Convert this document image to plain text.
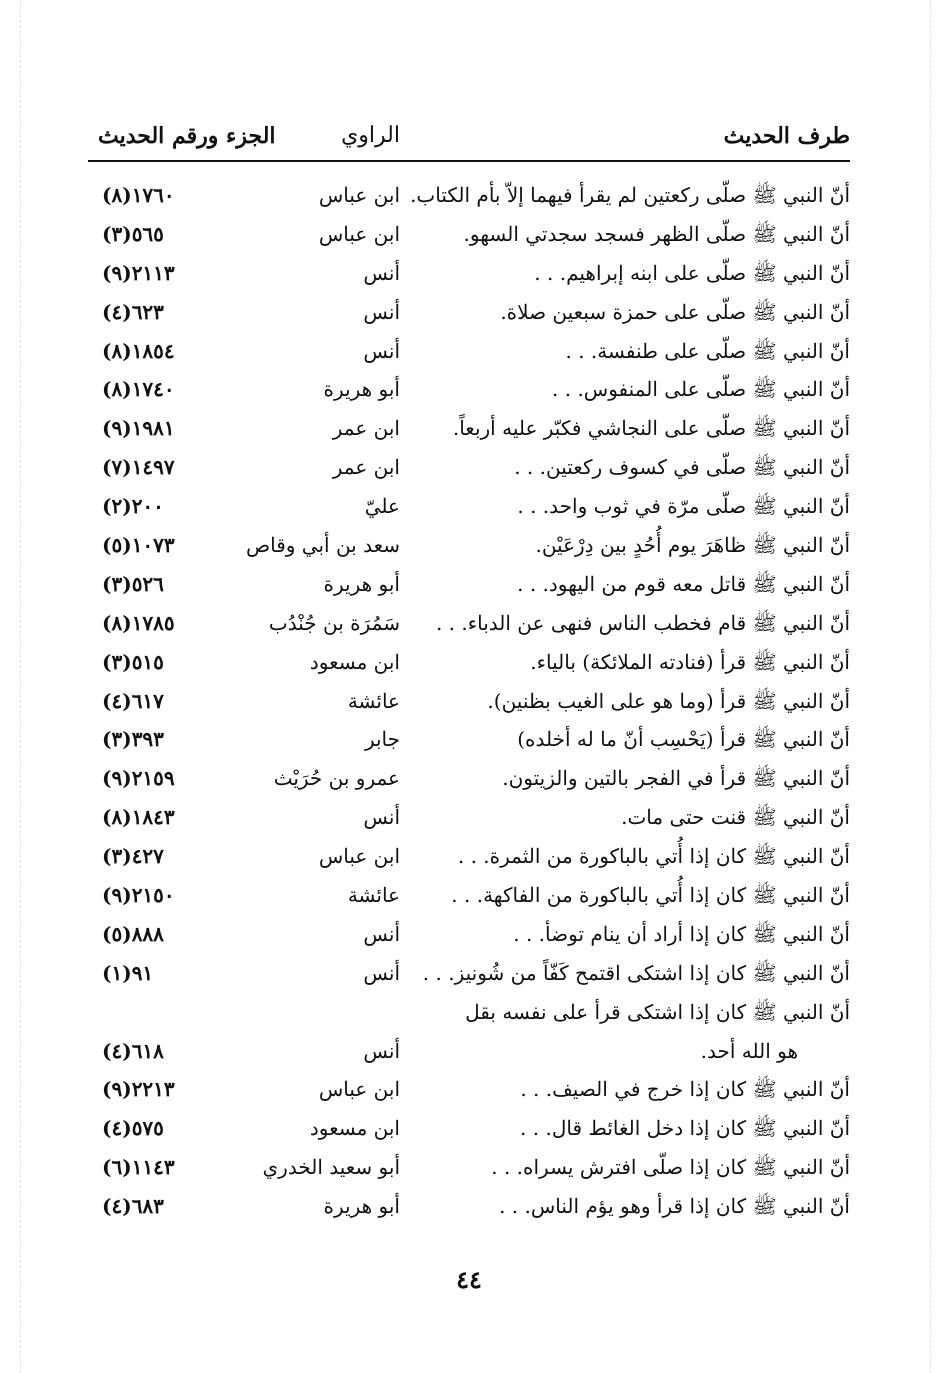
طرف الحديث
الراوي
الجزء ورقم الحديث
أنّ النبي ﷺ صلّى ركعتين لم يقرأ فيهما إلاّ بأم الكتاب.
ابن عباس
١٧٦٠(٨)
أنّ النبي ﷺ صلّى الظهر فسجد سجدتي السهو.
ابن عباس
٥٦٥(٣)
أنّ النبي ﷺ صلّى على ابنه إبراهيم. . .
أنس
٢١١٣(٩)
أنّ النبي ﷺ صلّى على حمزة سبعين صلاة.
أنس
٦٢٣(٤)
أنّ النبي ﷺ صلّى على طنفسة. . .
أنس
١٨٥٤(٨)
أنّ النبي ﷺ صلّى على المنفوس. . .
أبو هريرة
١٧٤٠(٨)
أنّ النبي ﷺ صلّى على النجاشي فكبّر عليه أربعاً.
ابن عمر
١٩٨١(٩)
أنّ النبي ﷺ صلّى في كسوف ركعتين. . .
ابن عمر
١٤٩٧(٧)
أنّ النبي ﷺ صلّى مرّة في ثوب واحد. . .
عليّ
٢٠٠(٢)
أنّ النبي ﷺ ظاهَرَ يوم أُحُدٍ بين دِرْعَيْن.
سعد بن أبي وقاص
١٠٧٣(٥)
أنّ النبي ﷺ قاتل معه قوم من اليهود. . .
أبو هريرة
٥٢٦(٣)
أنّ النبي ﷺ قام فخطب الناس فنهى عن الدباء. . .
سَمُرَة بن جُنْدُب
١٧٨٥(٨)
أنّ النبي ﷺ قرأ (فنادته الملائكة) بالياء.
ابن مسعود
٥١٥(٣)
أنّ النبي ﷺ قرأ (وما هو على الغيب بظنين).
عائشة
٦١٧(٤)
أنّ النبي ﷺ قرأ (يَحْسِب أنّ ما له أخلده)
جابر
٣٩٣(٣)
أنّ النبي ﷺ قرأ في الفجر بالتين والزيتون.
عمرو بن حُرَيْث
٢١٥٩(٩)
أنّ النبي ﷺ قنت حتى مات.
أنس
١٨٤٣(٨)
أنّ النبي ﷺ كان إذا أُتي بالباكورة من الثمرة. . .
ابن عباس
٤٢٧(٣)
أنّ النبي ﷺ كان إذا أُتي بالباكورة من الفاكهة. . .
عائشة
٢١٥٠(٩)
أنّ النبي ﷺ كان إذا أراد أن ينام توضأ. . .
أنس
٨٨٨(٥)
أنّ النبي ﷺ كان إذا اشتكى اقتمح كَفّاً من شُونيز. . .
أنس
٩١(١)
أنّ النبي ﷺ كان إذا اشتكى قرأ على نفسه بقل
هو الله أحد.
أنس
٦١٨(٤)
أنّ النبي ﷺ كان إذا خرج في الصيف. . .
ابن عباس
٢٢١٣(٩)
أنّ النبي ﷺ كان إذا دخل الغائط قال. . .
ابن مسعود
٥٧٥(٤)
أنّ النبي ﷺ كان إذا صلّى افترش يسراه. . .
أبو سعيد الخدري
١١٤٣(٦)
أنّ النبي ﷺ كان إذا قرأ وهو يؤم الناس. . .
أبو هريرة
٦٨٣(٤)
٤٤
